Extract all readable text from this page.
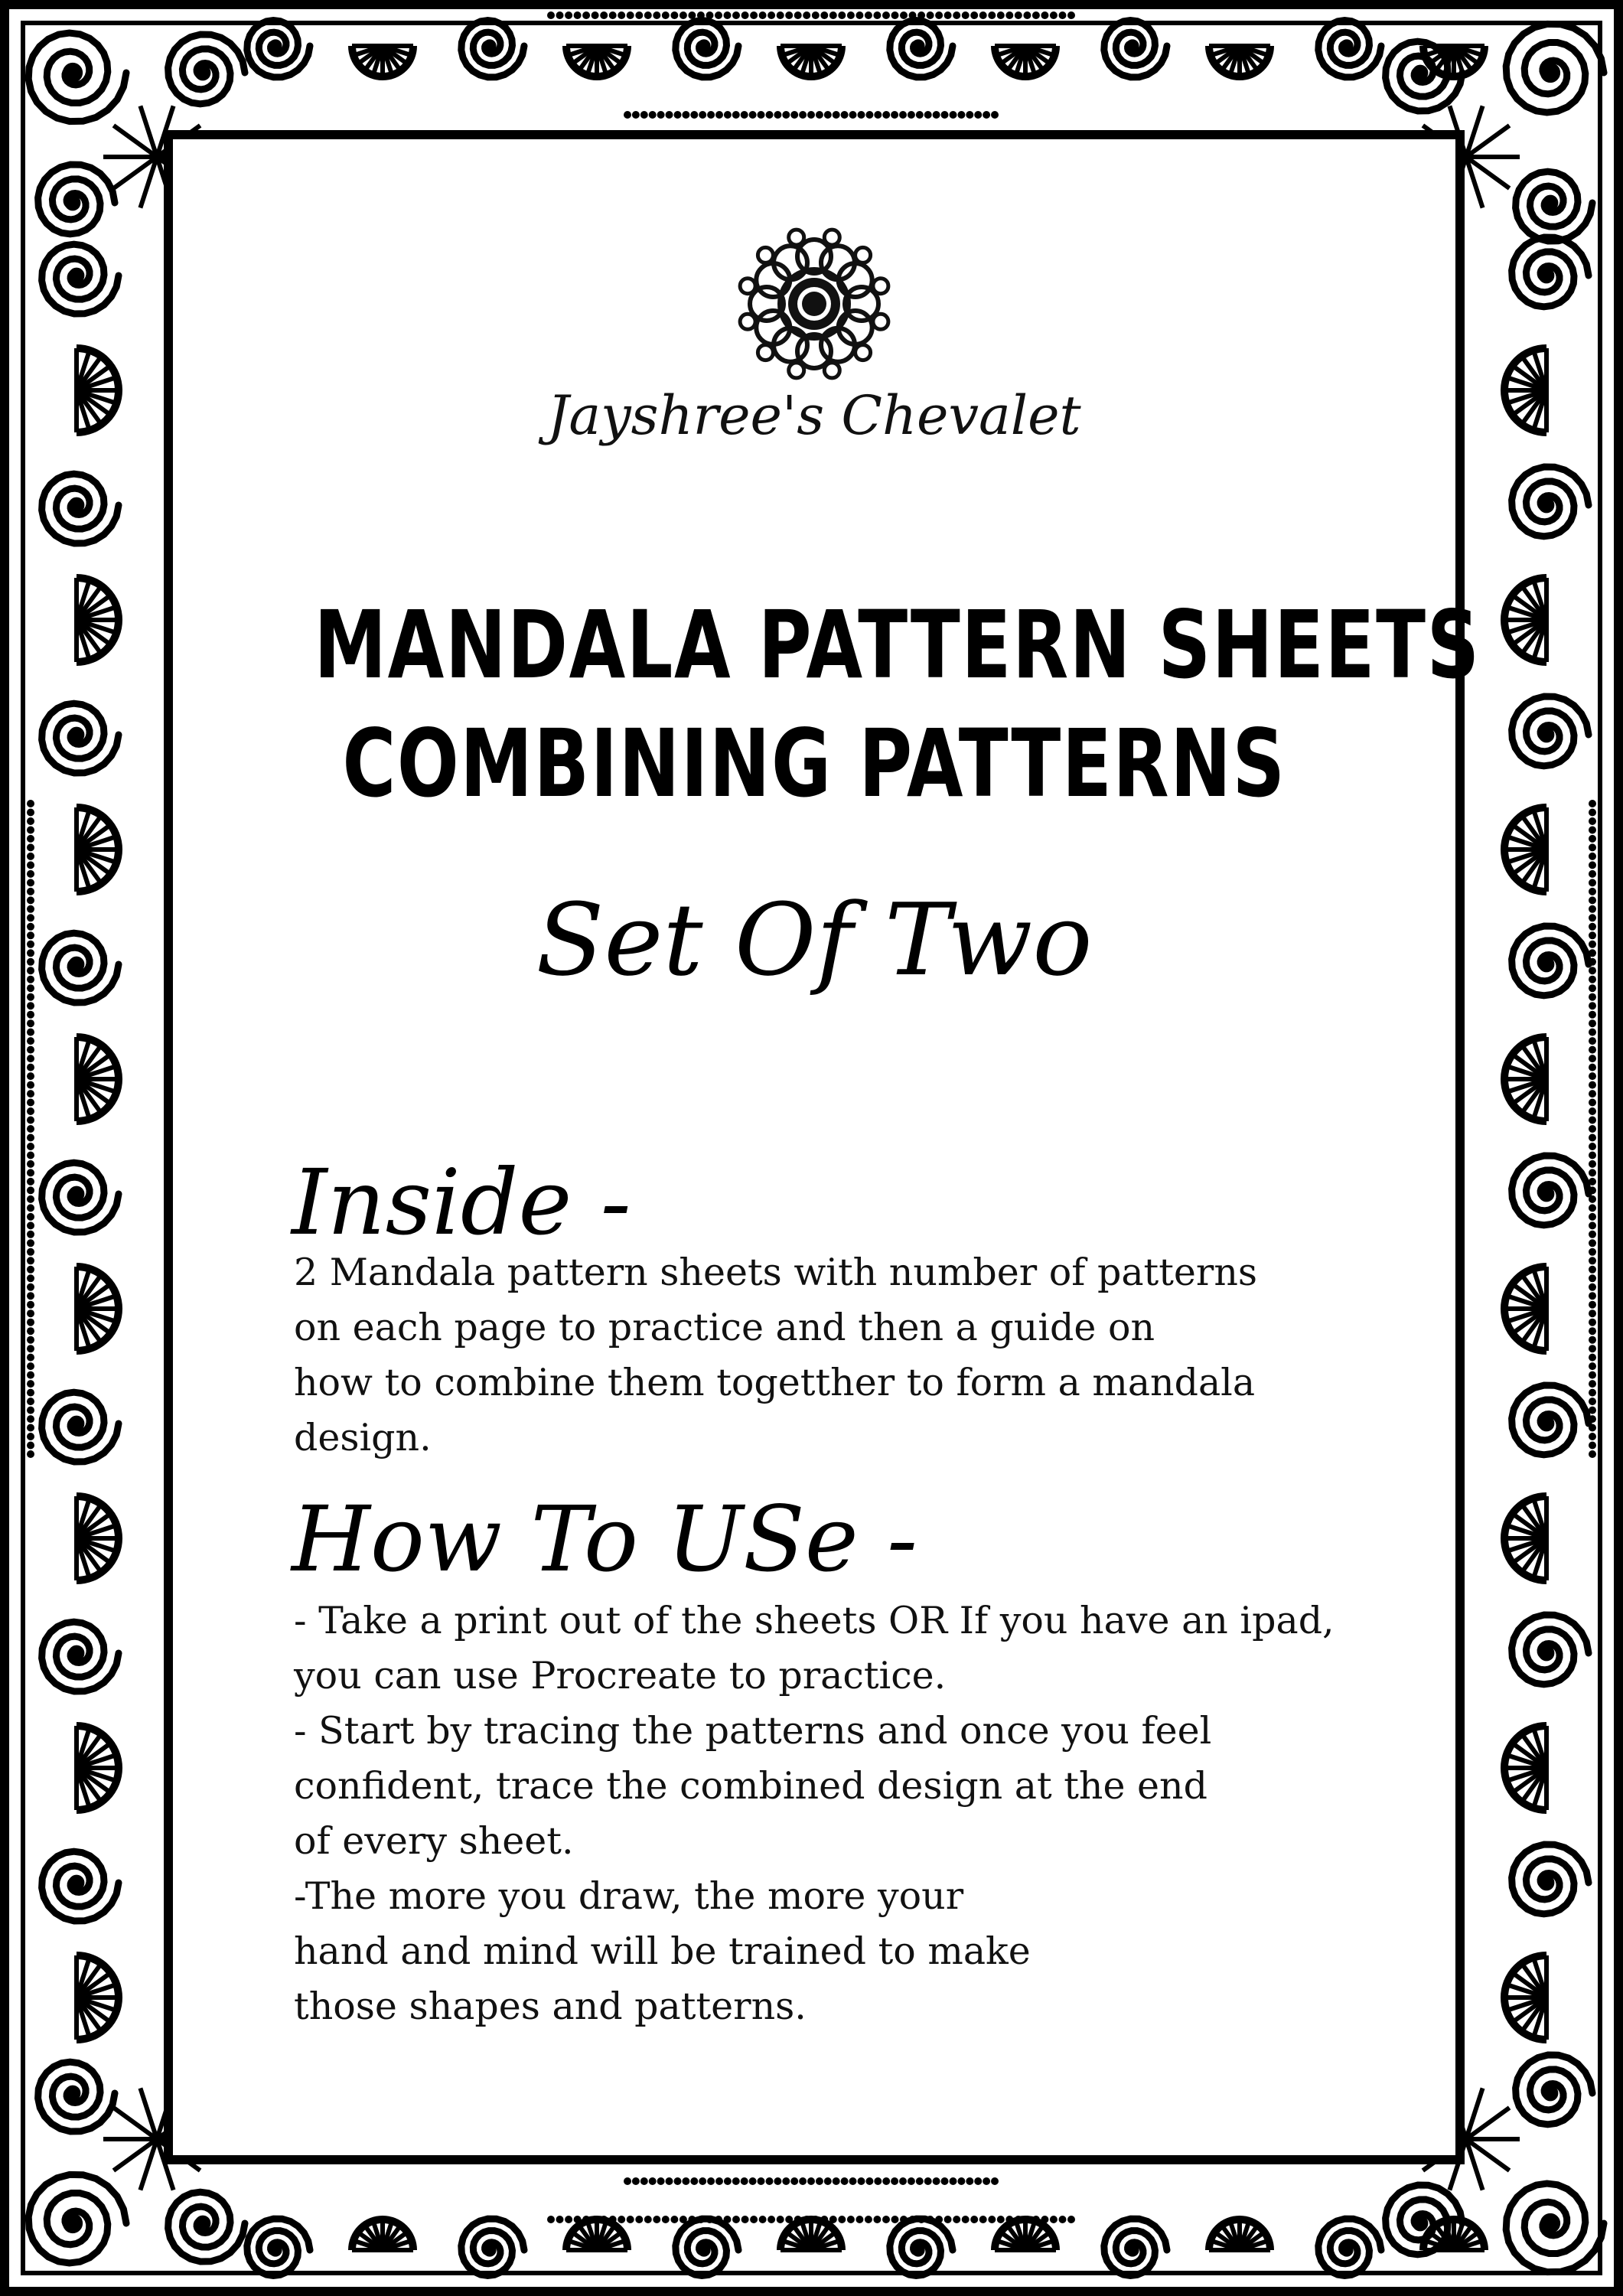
Jayshree's Chevalet
MANDALA PATTERN SHEETS
COMBINING PATTERNS
Set Of Two
Inside -
2 Mandala pattern sheets with number of patterns
on each page to practice and then a guide on
how to combine them togetther to form a mandala
design.
How To USe -
- Take a print out of the sheets OR If you have an ipad,
you can use Procreate to practice.
- Start by tracing the patterns and once you feel
confident, trace the combined design at the end
of every sheet.
-The more you draw, the more your
hand and mind will be trained to make
those shapes and patterns.
